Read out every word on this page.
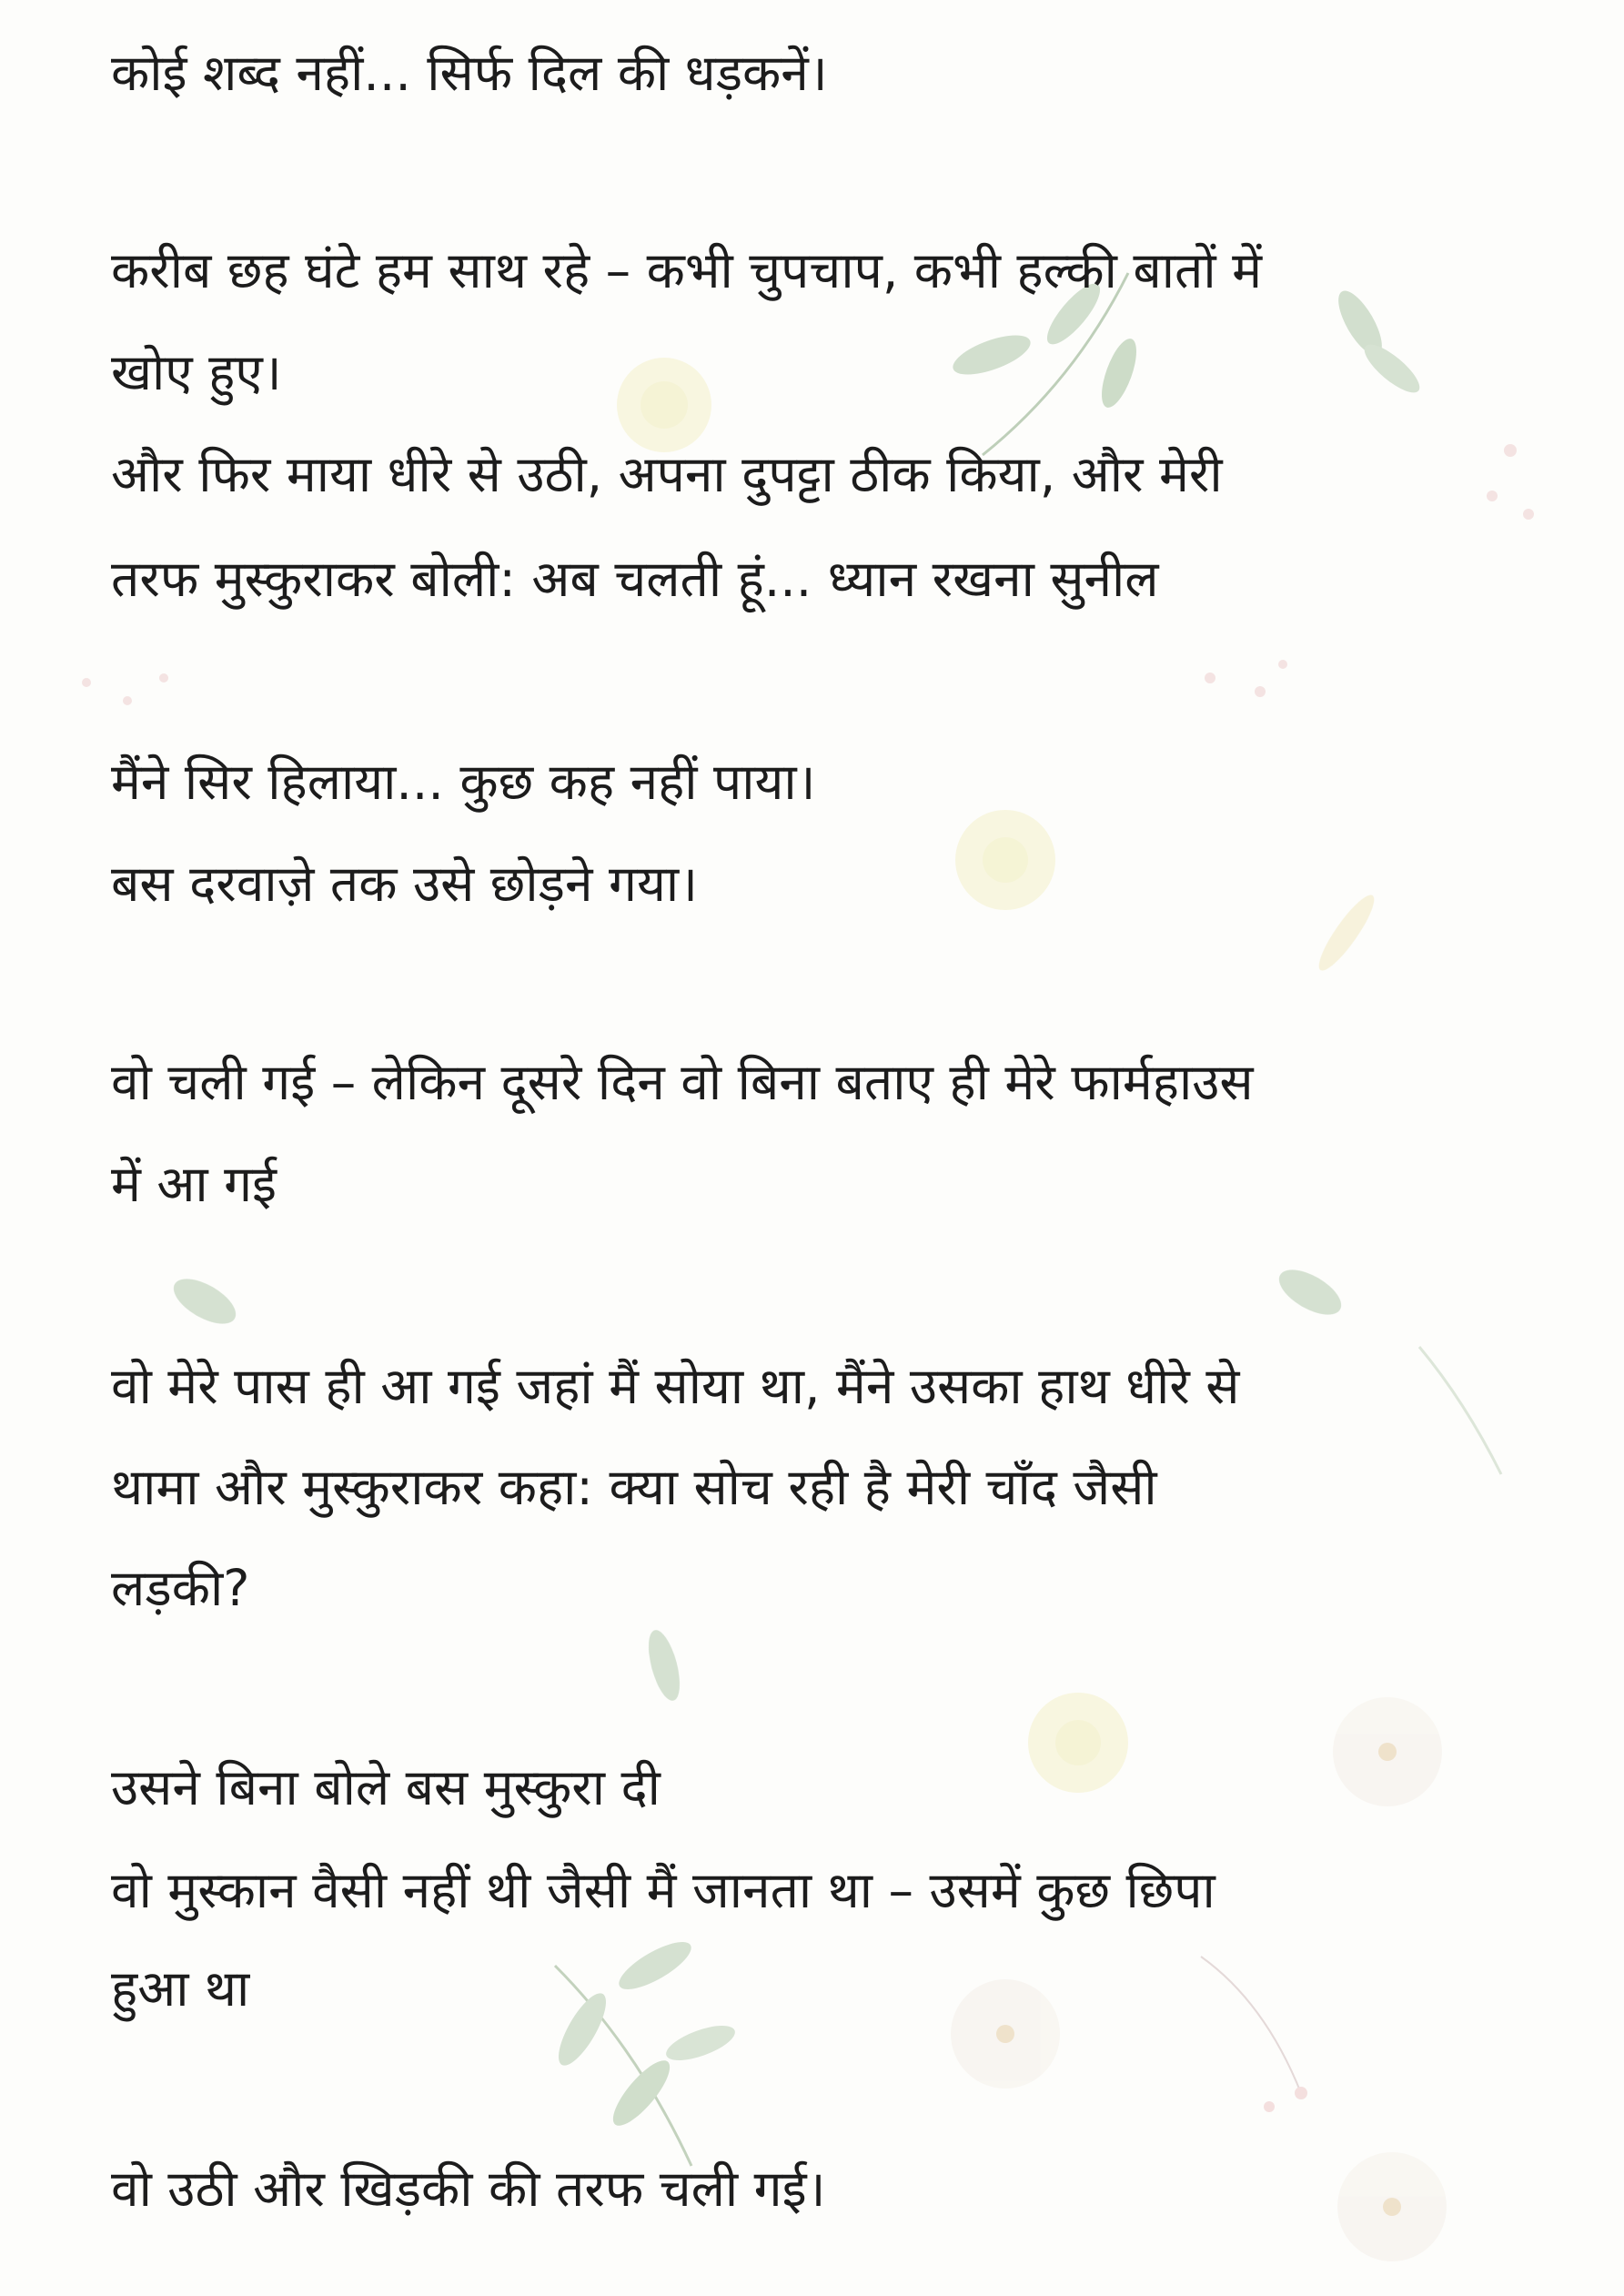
कोई शब्द नहीं... सिर्फ दिल की धड़कनें।

करीब छह घंटे हम साथ रहे – कभी चुपचाप, कभी हल्की बातों में

खोए हुए।

और फिर माया धीरे से उठी, अपना दुपट्टा ठीक किया, और मेरी

तरफ मुस्कुराकर बोली: अब चलती हूं... ध्यान रखना सुनील

मैंने सिर हिलाया... कुछ कह नहीं पाया।

बस दरवाज़े तक उसे छोड़ने गया।

वो चली गई – लेकिन दूसरे दिन वो बिना बताए ही मेरे फार्महाउस

में आ गई

वो मेरे पास ही आ गई जहां मैं सोया था, मैंने उसका हाथ धीरे से

थामा और मुस्कुराकर कहा: क्या सोच रही है मेरी चाँद जैसी

लड़की?

उसने बिना बोले बस मुस्कुरा दी

वो मुस्कान वैसी नहीं थी जैसी मैं जानता था – उसमें कुछ छिपा

हुआ था

वो उठी और खिड़की की तरफ चली गई।
